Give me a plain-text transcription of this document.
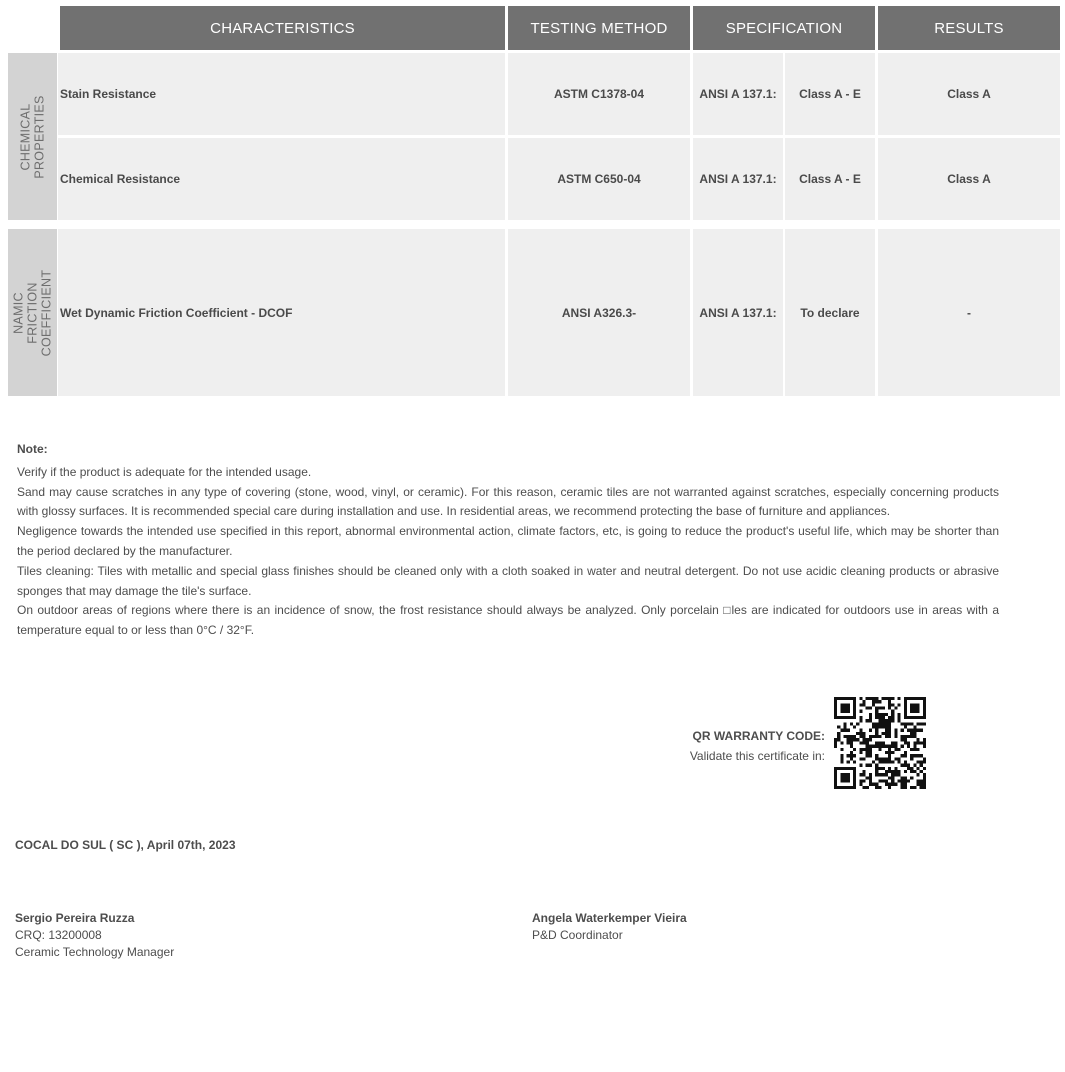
CHARACTERISTICS	TESTING METHOD	SPECIFICATION	RESULTS
CHEMICAL PROPERTIES
NAMIC FRICTION
COEFFICIENT
Stain Resistance	ASTM C1378-04	ANSI A 137.1:	Class A - E	Class A
Chemical Resistance	ASTM C650-04	ANSI A 137.1:	Class A - E	Class A
Wet Dynamic Friction Coefficient - DCOF	ANSI A326.3-	ANSI A 137.1:	To declare	-
Note:

Verify if the product is adequate for the intended usage.

Sand may cause scratches in any type of covering (stone, wood, vinyl, or ceramic). For this reason, ceramic tiles are not warranted against scratches, especially concerning products with glossy surfaces. It is recommended special care during installation and use. In residential areas, we recommend protecting the base of furniture and appliances.

Negligence towards the intended use specified in this report, abnormal environmental action, climate factors, etc, is going to reduce the product's useful life, which may be shorter than the period declared by the manufacturer.

Tiles cleaning: Tiles with metallic and special glass finishes should be cleaned only with a cloth soaked in water and neutral detergent. Do not use acidic cleaning products or abrasive sponges that may damage the tile's surface.

On outdoor areas of regions where there is an incidence of snow, the frost resistance should always be analyzed. Only porcelain □les are indicated for outdoors use in areas with a temperature equal to or less than 0°C / 32°F.

QR WARRANTY CODE:
Validate this certificate in:
COCAL DO SUL ( SC ), April 07th, 2023
Sergio Pereira Ruzza
CRQ: 13200008
Ceramic Technology Manager
Angela Waterkemper Vieira
P&D Coordinator
